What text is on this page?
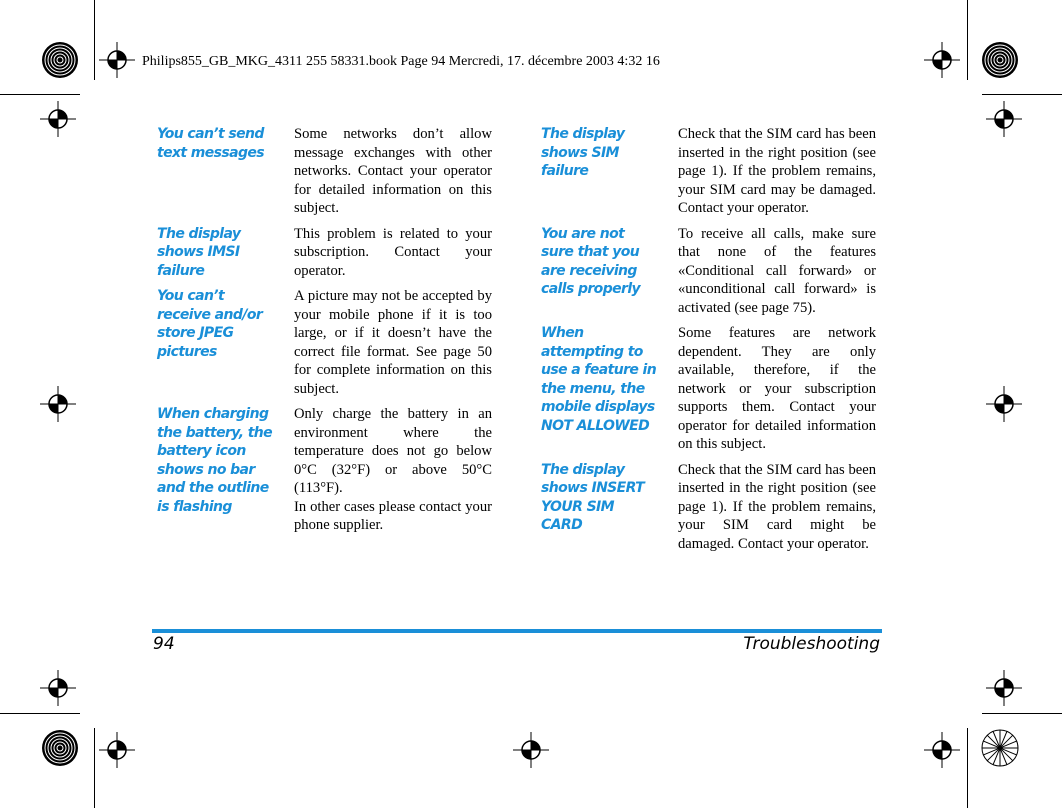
Philips855_GB_MKG_4311 255 58331.book Page 94 Mercredi, 17. décembre 2003 4:32 16
You can’t send text messages

Some networks don’t allow message exchanges with other networks. Contact your operator for detailed information on this subject.

The display shows IMSI failure

This problem is related to your subscription. Contact your operator.

You can’t receive and/or store JPEG pictures

A picture may not be accepted by your mobile phone if it is too large, or if it doesn’t have the correct file format. See page 50 for complete information on this subject.

When charging the battery, the battery icon shows no bar and the outline is flashing

Only charge the battery in an environment where the temperature does not go below 0°C (32°F) or above 50°C (113°F).

In other cases please contact your phone supplier.

The display shows SIM failure

Check that the SIM card has been inserted in the right position (see page 1). If the problem remains, your SIM card may be damaged. Contact your operator.

You are not sure that you are receiving calls properly

To receive all calls, make sure that none of the features «Conditional call forward» or «unconditional call forward» is activated (see page 75).

When attempting to use a feature in the menu, the mobile displays NOT ALLOWED

Some features are network dependent. They are only available, therefore, if the network or your subscription supports them. Contact your operator for detailed information on this subject.

The display shows INSERT YOUR SIM CARD

Check that the SIM card has been inserted in the right position (see page 1). If the problem remains, your SIM card might be damaged. Contact your operator.

94	Troubleshooting
